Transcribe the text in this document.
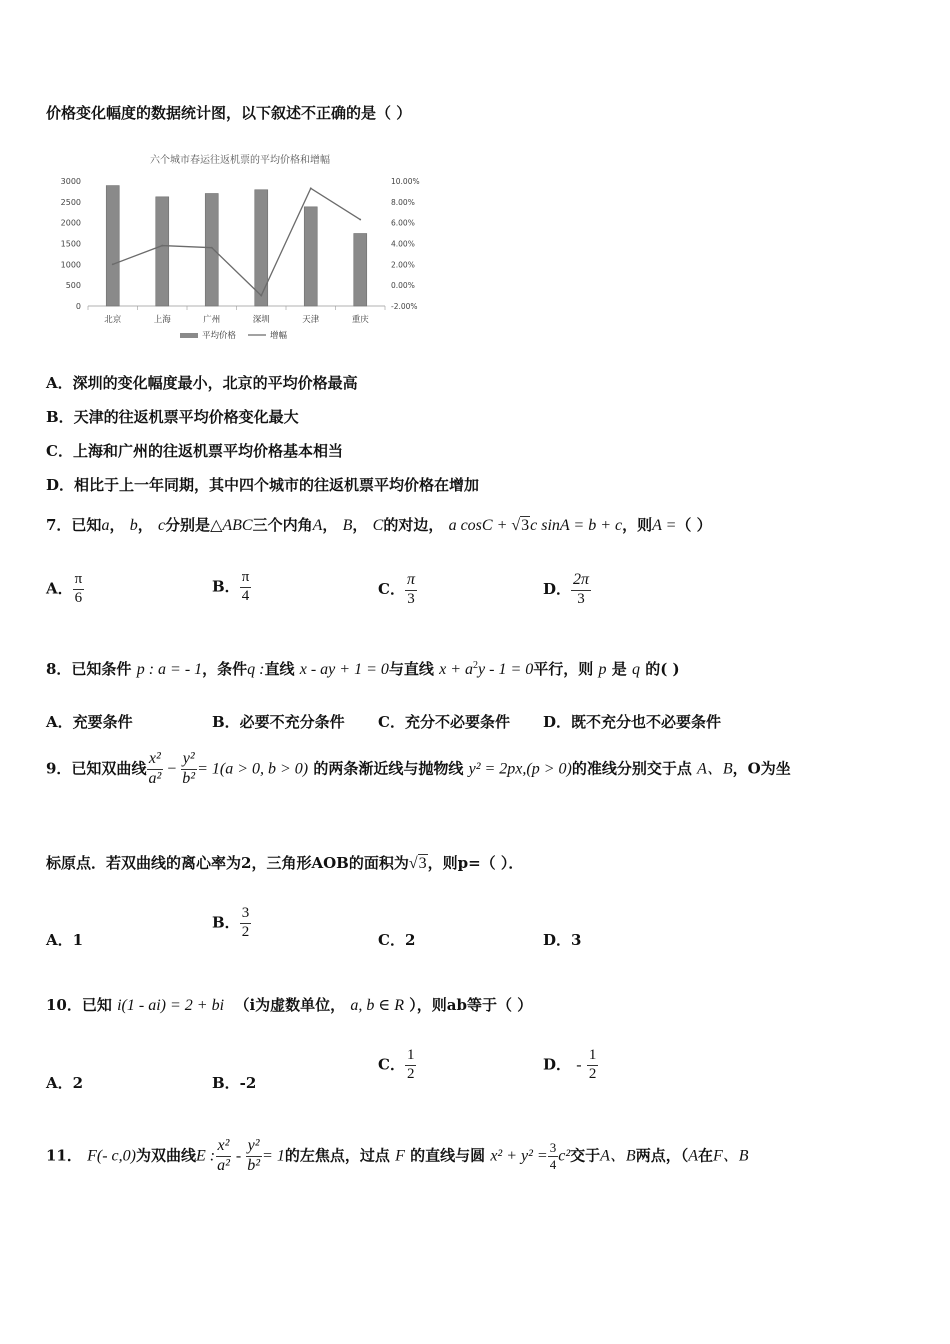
价格变化幅度的数据统计图，以下叙述不正确的是（ ）
六个城市春运往返机票的平均价格和增幅
0
500
1000
1500
2000
2500
3000
-2.00%
0.00%
2.00%
4.00%
6.00%
8.00%
10.00%
北京	上海	广州	深圳	天津	重庆
平均价格	增幅
A．深圳的变化幅度最小，北京的平均价格最高
B．天津的往返机票平均价格变化最大
C．上海和广州的往返机票平均价格基本相当
D．相比于上一年同期，其中四个城市的往返机票平均价格在增加
7．已知a， b， c分别是△ABC三个内角A， B， C的对边， a cosC + √3c sinA = b + c，则A =（ ）
A． $\frac{\pi}{6}$	B． $\frac{\pi}{4}$	C． $\frac{\pi}{3}$	D． $\frac{2\pi}{3}$
8．已知条件 p : a = - 1，条件q :直线 x - ay + 1 = 0与直线 $x + a^2y - 1 = 0$平行，则 p 是 q 的( )
A．充要条件	B．必要不充分条件 C．充分不必要条件 D．既不充分也不必要条件
9．已知双曲线 $\frac{\text{x²}}{\text{a²}} - \frac{\text{y²}}{\text{b²}} = 1(a > 0$, b > 0) 的两条渐近线与抛物线 y² = 2px,(p > 0)的准线分别交于点 A、B，O为坐
标原点．若双曲线的离心率为2，三角形AOB的面积为√3，则p=（ ）．
A．1
B． $\frac{3}{2}$	C．2	D．3
10．已知 i(1 - ai) = 2 + bi （i为虚数单位， a, b ∈ R ），则ab等于（ ）
A．2	B．-2
C． $\frac{1}{2}$	D． - $\frac{1}{2}$
11． F(- c,0)为双曲线E : $\frac{\text{x²}}{\text{a²}} - \frac{\text{y²}}{\text{b²}} = 1$的左焦点，过点 F 的直线与圆 $x^2 + y^2 = \frac{3}{4} c^2$交于A、B两点，（A在F、B
